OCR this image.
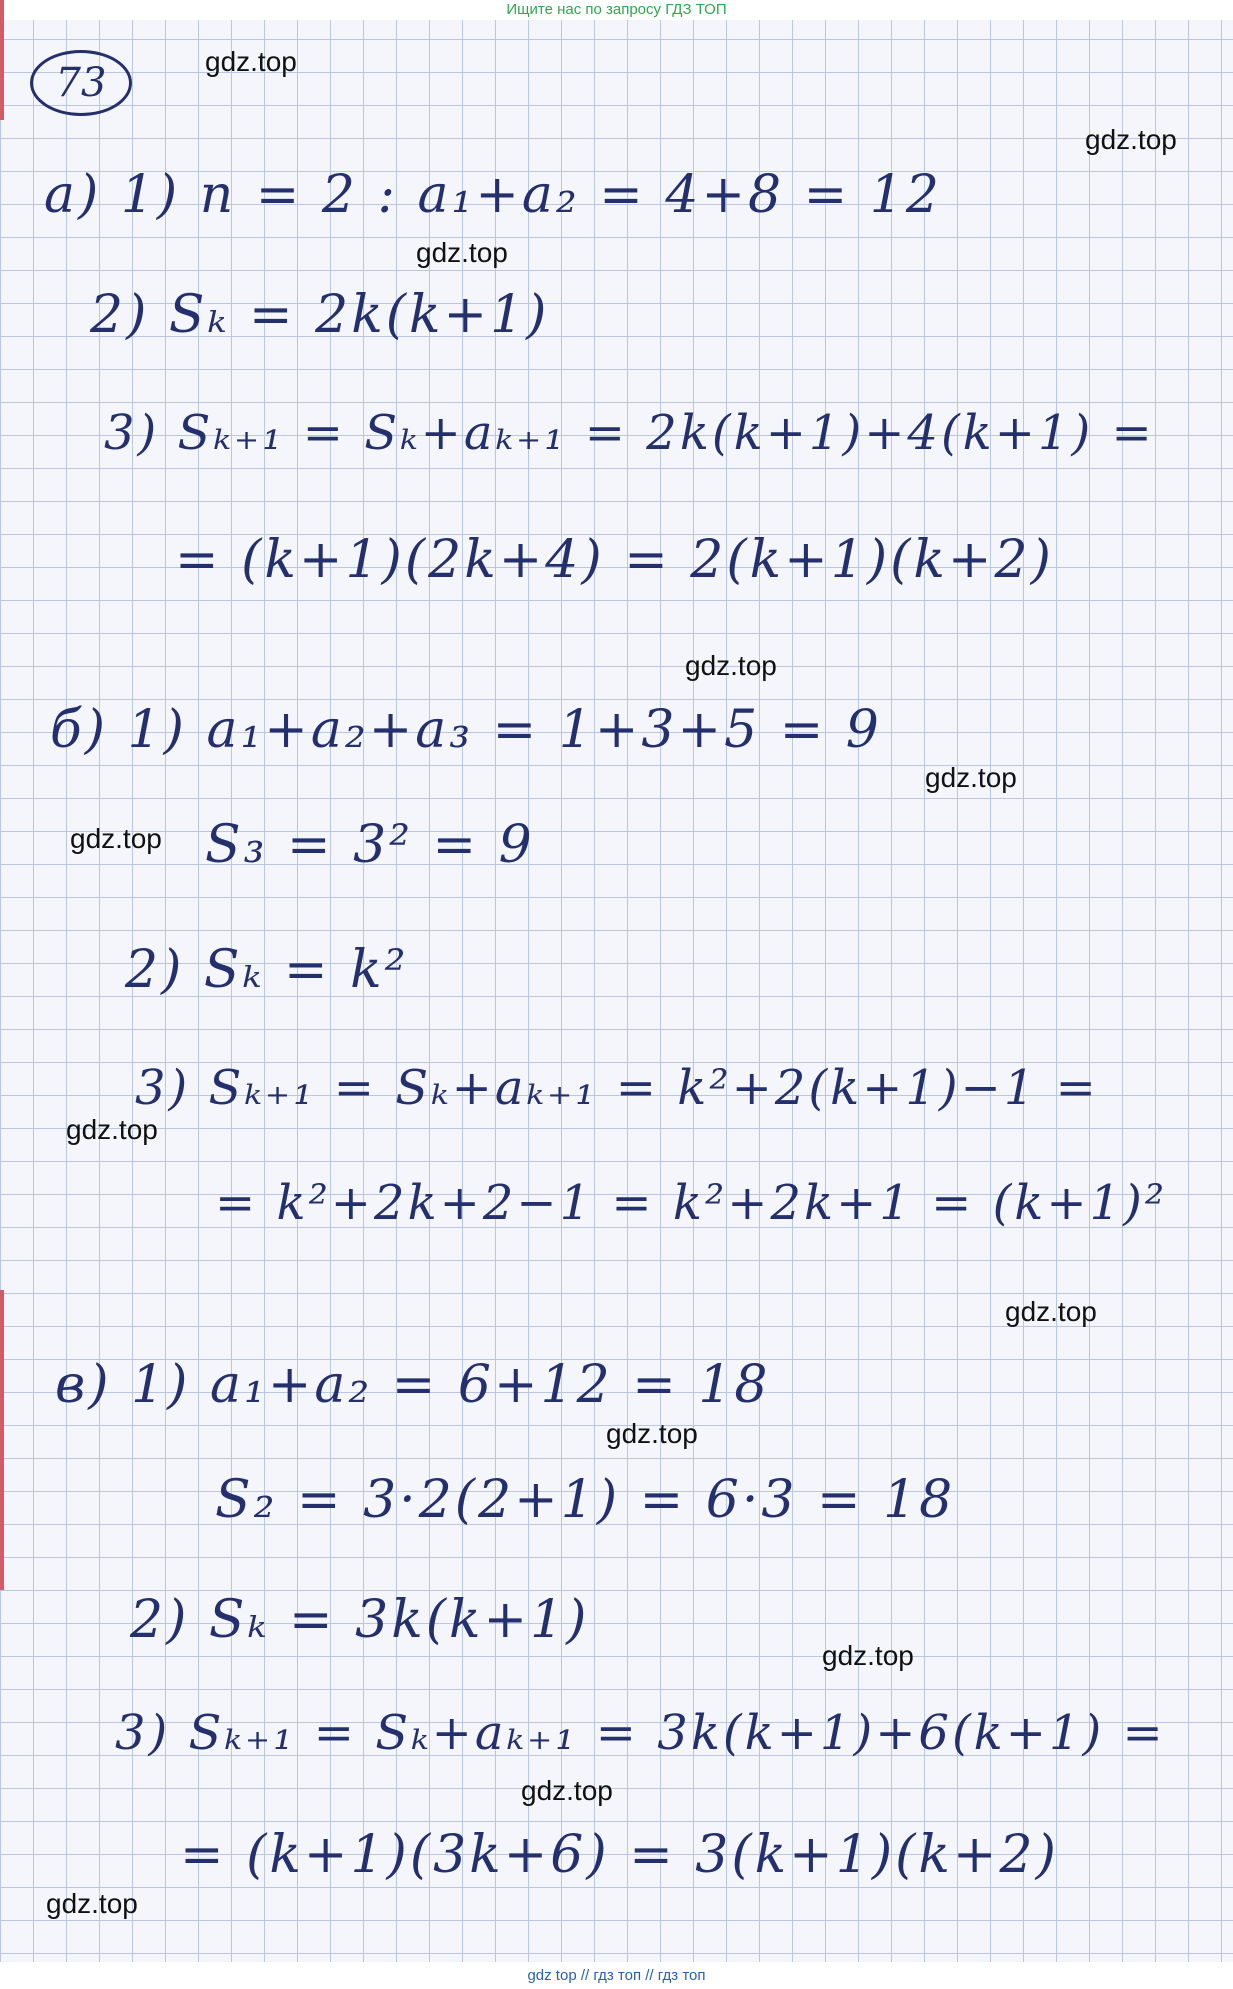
Ищите нас по запросу ГДЗ ТОП
73	gdz.top
gdz.top
gdz.top
gdz.top
gdz.top
gdz.top
gdz.top
gdz.top
gdz.top
gdz.top
gdz.top
gdz.top
а) 1) n = 2 : a₁+a₂ = 4+8 = 12
2) Sₖ = 2k(k+1)
3) Sₖ₊₁ = Sₖ+aₖ₊₁ = 2k(k+1)+4(k+1) =
= (k+1)(2k+4) = 2(k+1)(k+2)
б) 1) a₁+a₂+a₃ = 1+3+5 = 9
S₃ = 3² = 9
2) Sₖ = k²
3) Sₖ₊₁ = Sₖ+aₖ₊₁ = k²+2(k+1)−1 =
= k²+2k+2−1 = k²+2k+1 = (k+1)²
в) 1) a₁+a₂ = 6+12 = 18
S₂ = 3·2(2+1) = 6·3 = 18
2) Sₖ = 3k(k+1)
3) Sₖ₊₁ = Sₖ+aₖ₊₁ = 3k(k+1)+6(k+1) =
= (k+1)(3k+6) = 3(k+1)(k+2)
gdz top // гдз топ // гдз топ
